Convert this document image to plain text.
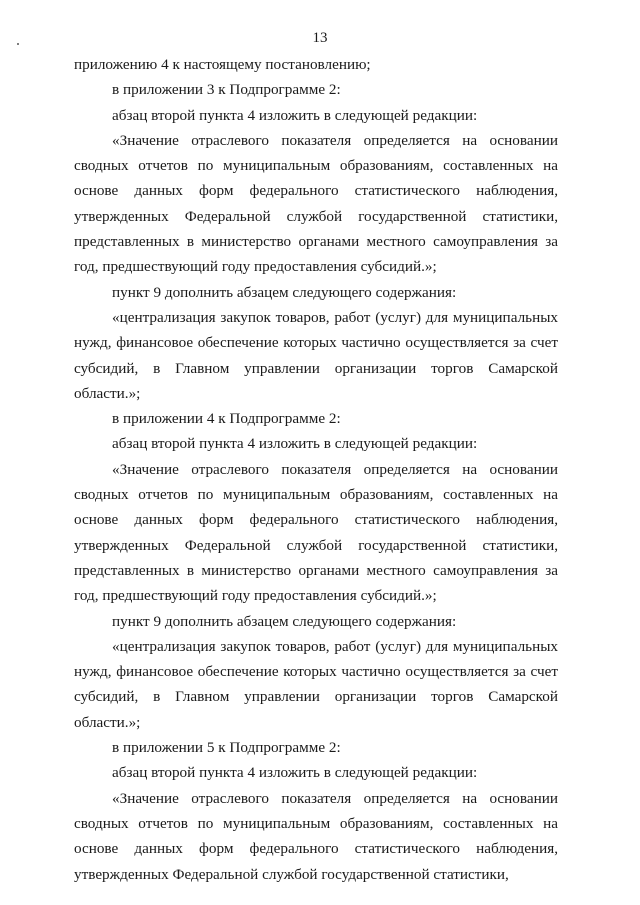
13

приложению 4 к настоящему постановлению;

в приложении 3 к Подпрограмме 2:

абзац второй пункта 4 изложить в следующей редакции:

«Значение отраслевого показателя определяется на основании сводных отчетов по муниципальным образованиям, составленных на основе данных форм федерального статистического наблюдения, утвержденных Федеральной службой государственной статистики, представленных в министерство органами местного самоуправления за год, предшествующий году предоставления субсидий.»;

пункт 9 дополнить абзацем следующего содержания:

«централизация закупок товаров, работ (услуг) для муниципальных нужд, финансовое обеспечение которых частично осуществляется за счет субсидий, в Главном управлении организации торгов Самарской области.»;

в приложении 4 к Подпрограмме 2:

абзац второй пункта 4 изложить в следующей редакции:

«Значение отраслевого показателя определяется на основании сводных отчетов по муниципальным образованиям, составленных на основе данных форм федерального статистического наблюдения, утвержденных Федеральной службой государственной статистики, представленных в министерство органами местного самоуправления за год, предшествующий году предоставления субсидий.»;

пункт 9 дополнить абзацем следующего содержания:

«централизация закупок товаров, работ (услуг) для муниципальных нужд, финансовое обеспечение которых частично осуществляется за счет субсидий, в Главном управлении организации торгов Самарской области.»;

в приложении 5 к Подпрограмме 2:

абзац второй пункта 4 изложить в следующей редакции:

«Значение отраслевого показателя определяется на основании сводных отчетов по муниципальным образованиям, составленных на основе данных форм федерального статистического наблюдения, утвержденных Федеральной службой государственной статистики,
